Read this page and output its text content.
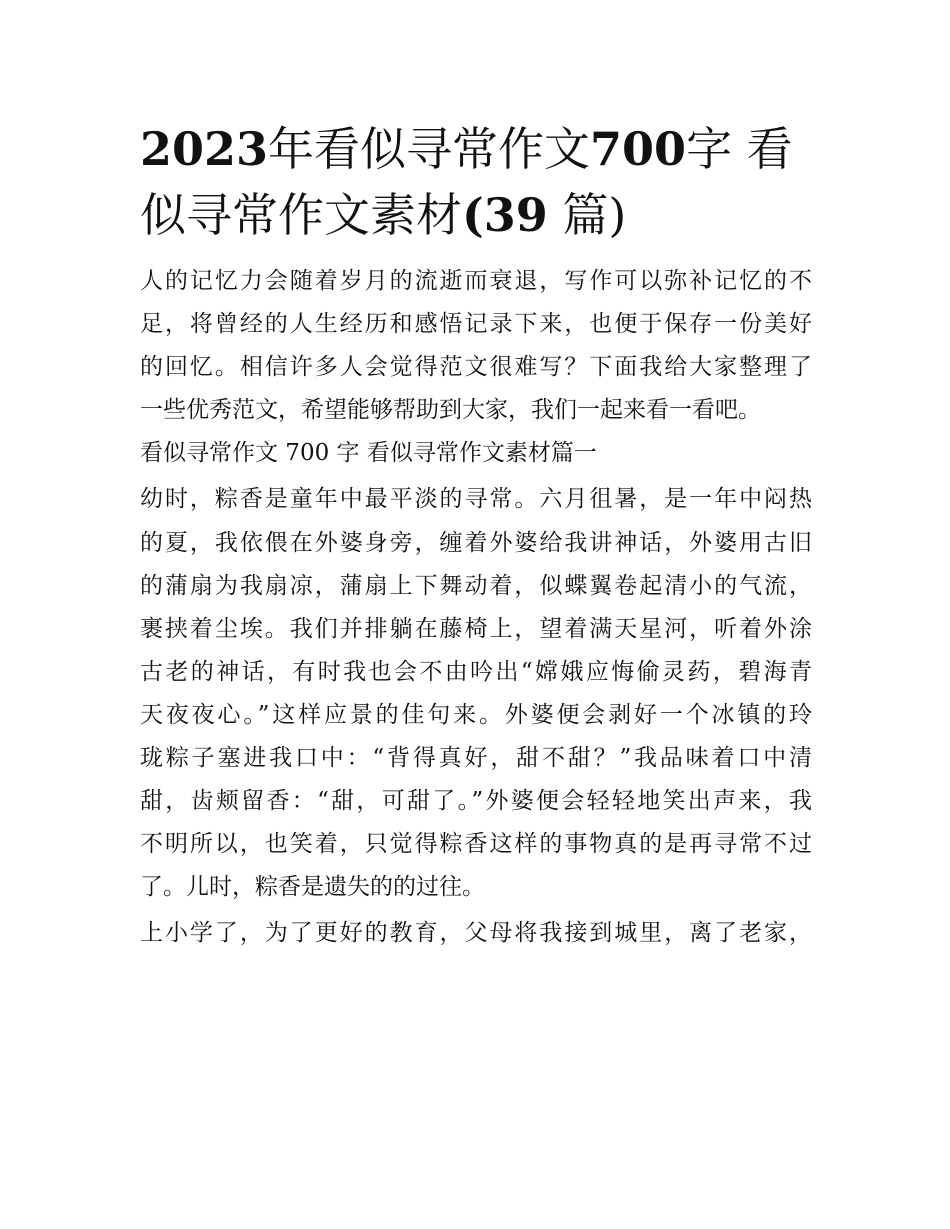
2023年看似寻常作文700字 看
似寻常作文素材(39 篇)
人的记忆力会随着岁月的流逝而衰退，写作可以弥补记忆的不
足，将曾经的人生经历和感悟记录下来，也便于保存一份美好
的回忆。相信许多人会觉得范文很难写？下面我给大家整理了
一些优秀范文，希望能够帮助到大家，我们一起来看一看吧。
看似寻常作文 700 字 看似寻常作文素材篇一
幼时，粽香是童年中最平淡的寻常。六月徂暑，是一年中闷热
的夏，我依偎在外婆身旁，缠着外婆给我讲神话，外婆用古旧
的蒲扇为我扇凉，蒲扇上下舞动着，似蝶翼卷起清小的气流，
裹挟着尘埃。我们并排躺在藤椅上，望着满天星河，听着外涂
古老的神话，有时我也会不由吟出“嫦娥应悔偷灵药，碧海青
天夜夜心。”这样应景的佳句来。外婆便会剥好一个冰镇的玲
珑粽子塞进我口中：“背得真好，甜不甜？”我品味着口中清
甜，齿颊留香：“甜，可甜了。”外婆便会轻轻地笑出声来，我
不明所以，也笑着，只觉得粽香这样的事物真的是再寻常不过
了。儿时，粽香是遗失的的过往。
上小学了，为了更好的教育，父母将我接到城里，离了老家，
